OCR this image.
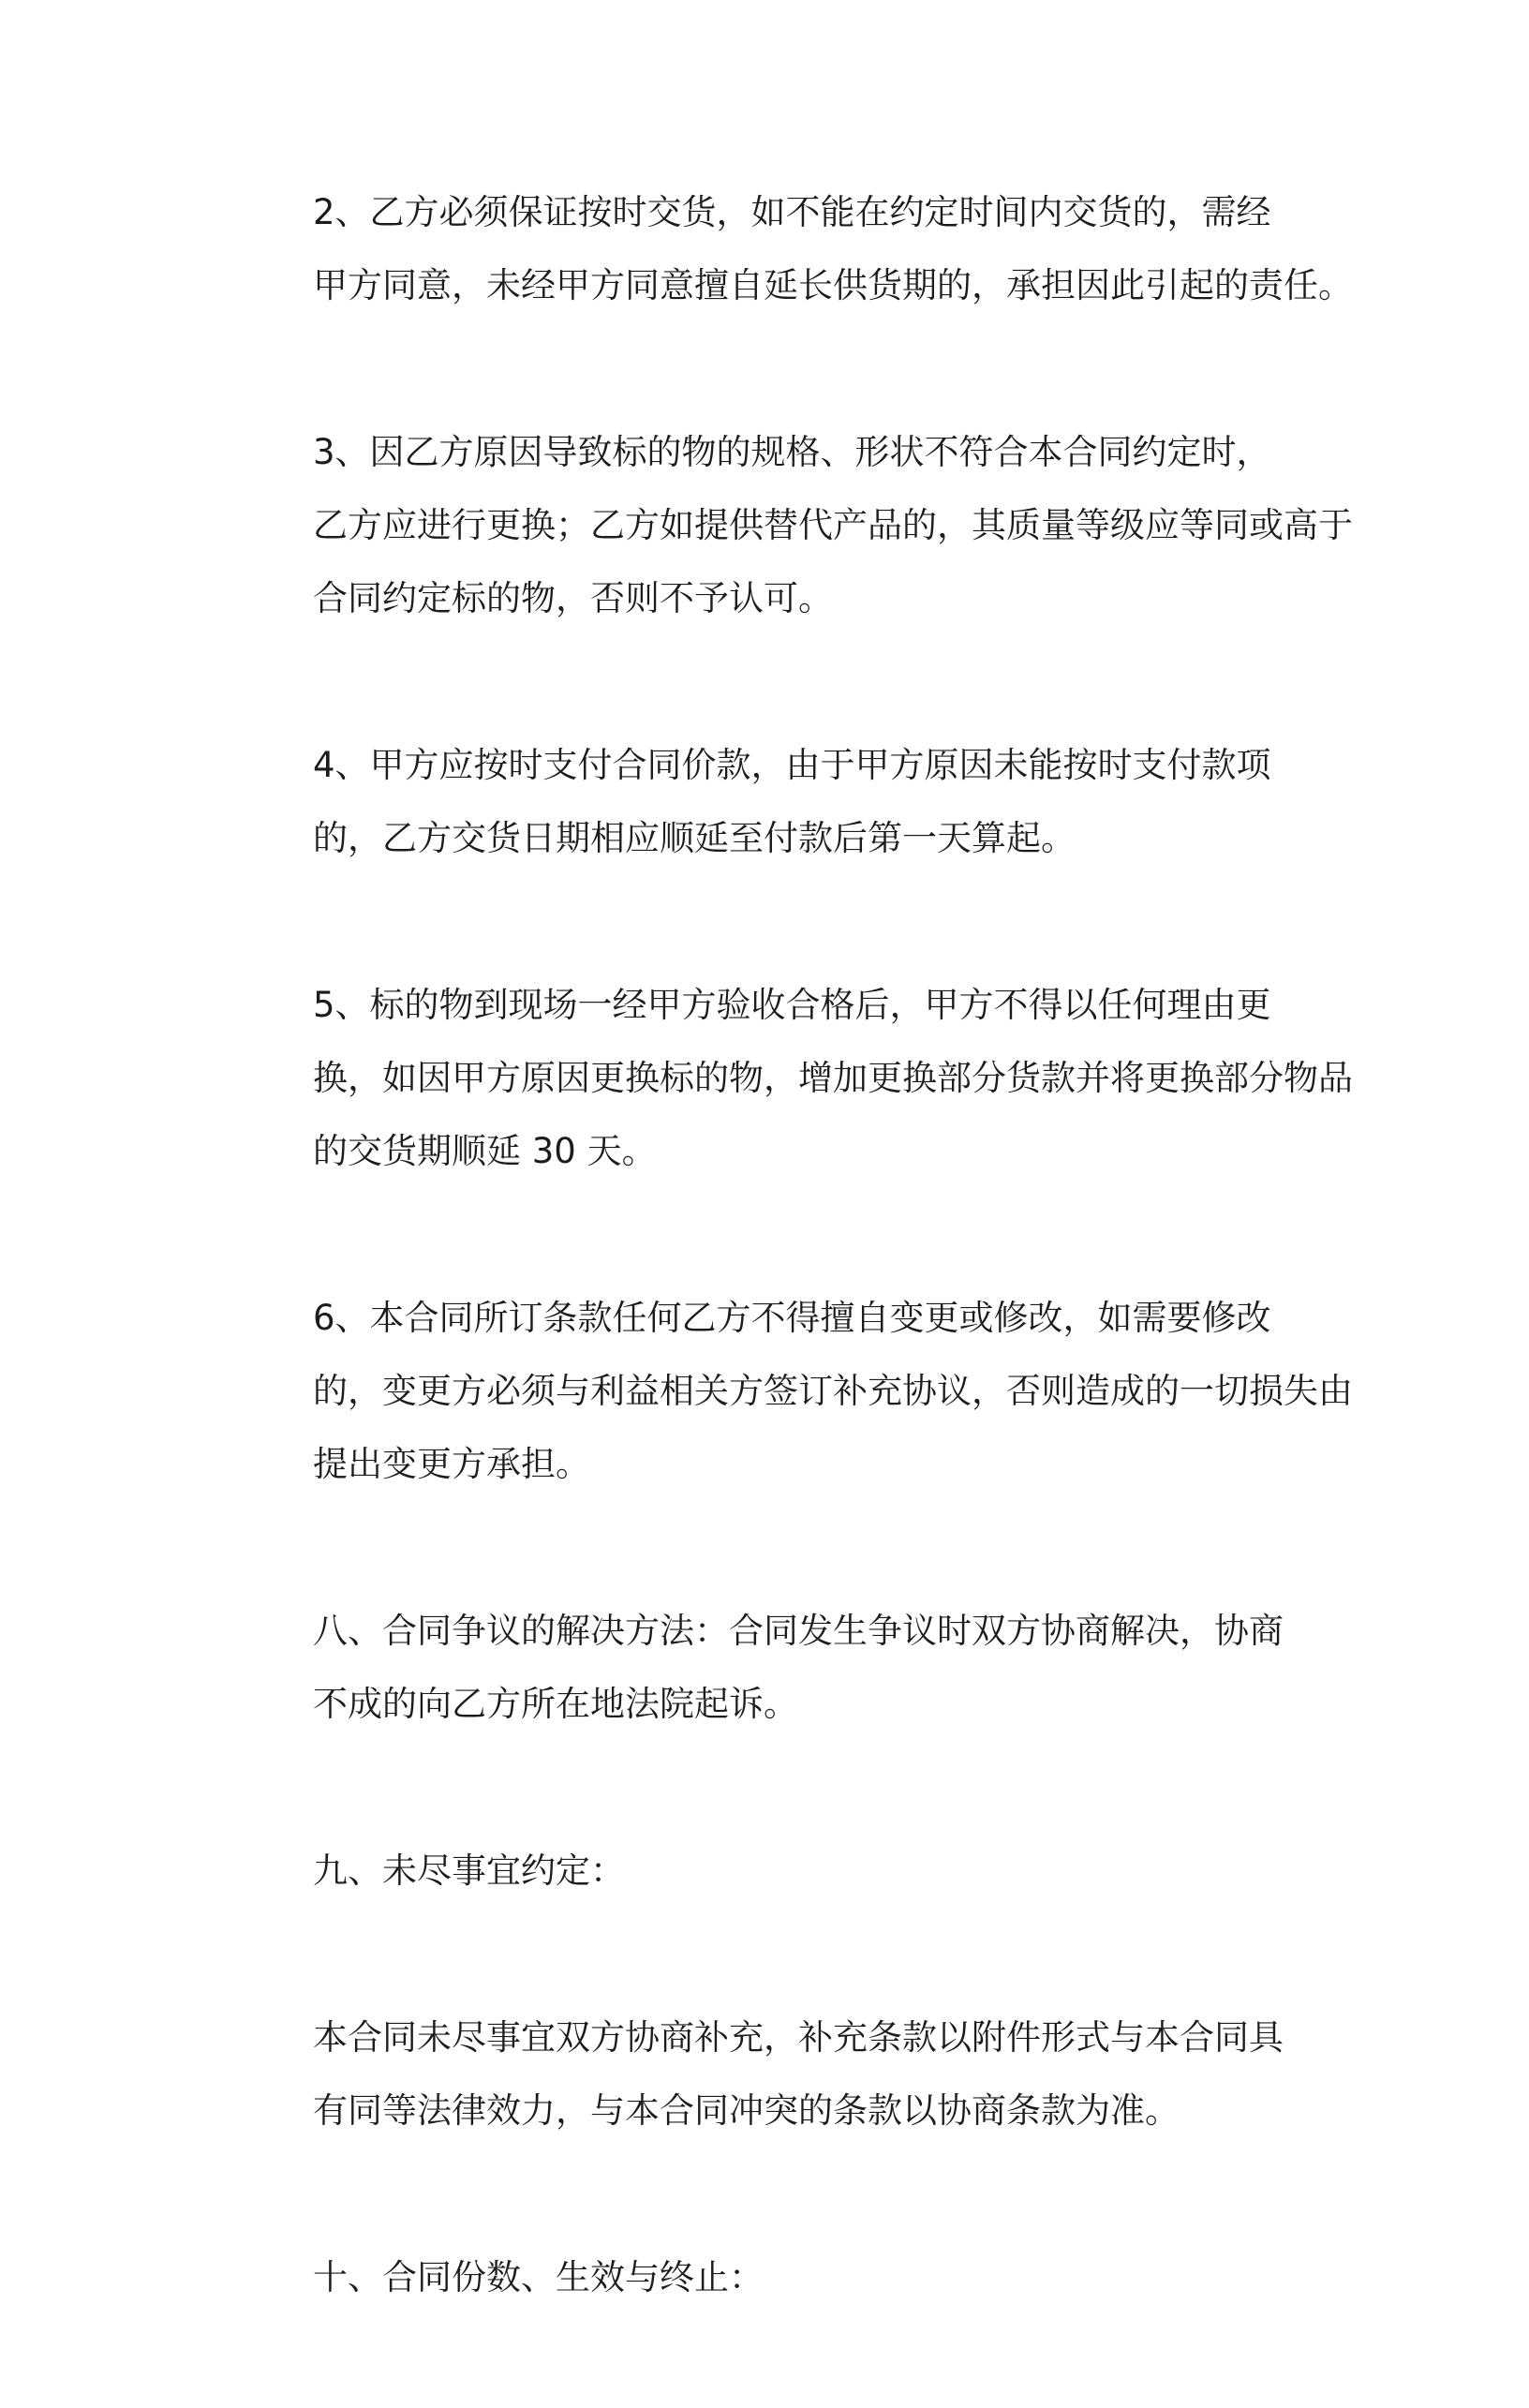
2、乙方必须保证按时交货，如不能在约定时间内交货的，需经
甲方同意，未经甲方同意擅自延长供货期的，承担因此引起的责任。

3、因乙方原因导致标的物的规格、形状不符合本合同约定时，
乙方应进行更换；乙方如提供替代产品的，其质量等级应等同或高于
合同约定标的物，否则不予认可。

4、甲方应按时支付合同价款，由于甲方原因未能按时支付款项
的，乙方交货日期相应顺延至付款后第一天算起。

5、标的物到现场一经甲方验收合格后，甲方不得以任何理由更
换，如因甲方原因更换标的物，增加更换部分货款并将更换部分物品
的交货期顺延 30 天。

6、本合同所订条款任何乙方不得擅自变更或修改，如需要修改
的，变更方必须与利益相关方签订补充协议，否则造成的一切损失由
提出变更方承担。

八、合同争议的解决方法：合同发生争议时双方协商解决，协商
不成的向乙方所在地法院起诉。

九、未尽事宜约定：

本合同未尽事宜双方协商补充，补充条款以附件形式与本合同具
有同等法律效力，与本合同冲突的条款以协商条款为准。

十、合同份数、生效与终止：
